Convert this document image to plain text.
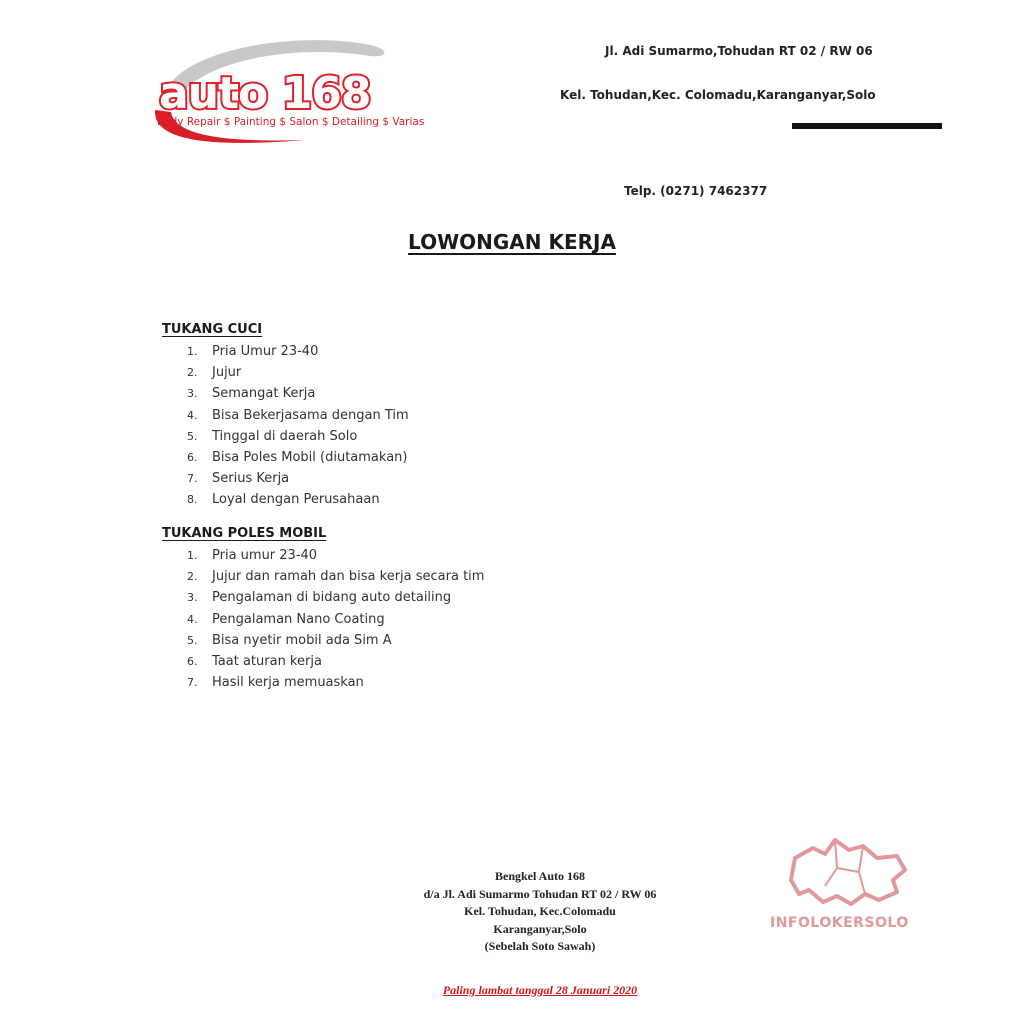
auto 168
Body Repair $ Painting $ Salon $ Detailing $ Varias
Jl. Adi Sumarmo,Tohudan RT 02 / RW 06
Kel. Tohudan,Kec. Colomadu,Karanganyar,Solo
Telp. (0271) 7462377
LOWONGAN KERJA
TUKANG CUCI
1. Pria Umur 23-40
2. Jujur
3. Semangat Kerja
4. Bisa Bekerjasama dengan Tim
5. Tinggal di daerah Solo
6. Bisa Poles Mobil (diutamakan)
7. Serius Kerja
8. Loyal dengan Perusahaan
TUKANG POLES MOBIL
1. Pria umur 23-40
2. Jujur dan ramah dan bisa kerja secara tim
3. Pengalaman di bidang auto detailing
4. Pengalaman Nano Coating
5. Bisa nyetir mobil ada Sim A
6. Taat aturan kerja
7. Hasil kerja memuaskan
Bengkel Auto 168
d/a Jl. Adi Sumarmo Tohudan RT 02 / RW 06
Kel. Tohudan, Kec.Colomadu
Karanganyar,Solo
(Sebelah Soto Sawah)
Paling lambat tanggal 28 Januari 2020
INFOLOKERSOLO
